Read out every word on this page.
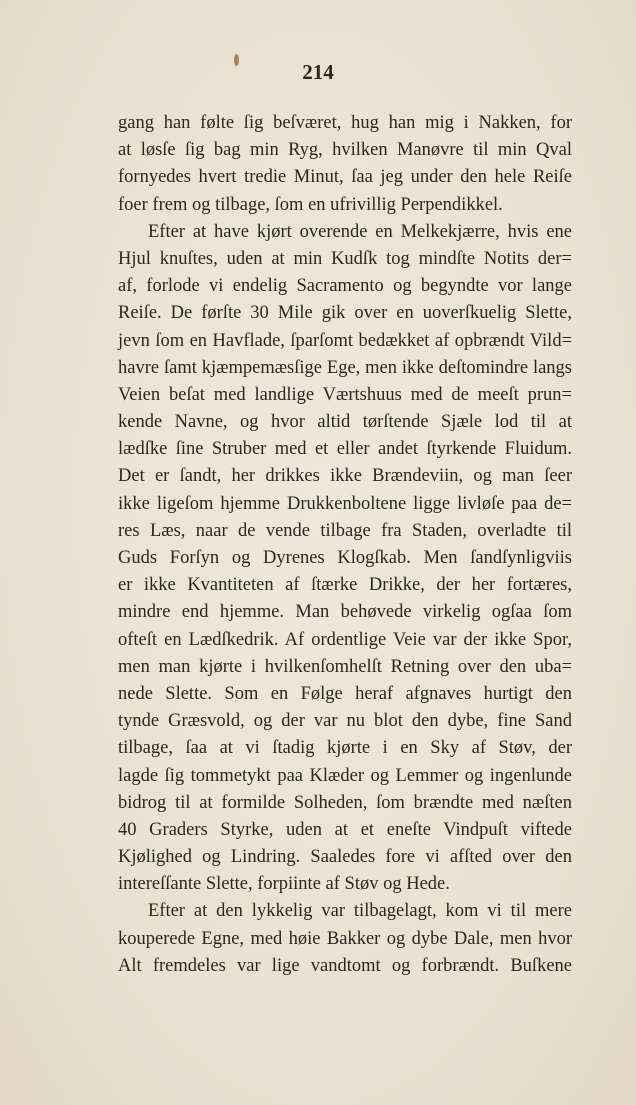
214
gang han følte ſig beſværet, hug han mig i Nakken, for
at løsſe ſig bag min Ryg, hvilken Manøvre til min Qval
fornyedes hvert tredie Minut, ſaa jeg under den hele Reiſe
foer frem og tilbage, ſom en ufrivillig Perpendikkel.
Efter at have kjørt overende en Melkekjærre, hvis ene
Hjul knuſtes, uden at min Kudſk tog mindſte Notits der=
af, forlode vi endelig Sacramento og begyndte vor lange
Reiſe. De førſte 30 Mile gik over en uoverſkuelig Slette,
jevn ſom en Havflade, ſparſomt bedækket af opbrændt Vild=
havre ſamt kjæmpemæsſige Ege, men ikke deſtomindre langs
Veien beſat med landlige Værtshuus med de meeſt prun=
kende Navne, og hvor altid tørſtende Sjæle lod til at
lædſke ſine Struber med et eller andet ſtyrkende Fluidum.
Det er ſandt, her drikkes ikke Brændeviin, og man ſeer
ikke ligeſom hjemme Drukkenboltene ligge livløſe paa de=
res Læs, naar de vende tilbage fra Staden, overladte til
Guds Forſyn og Dyrenes Klogſkab. Men ſandſynligviis
er ikke Kvantiteten af ſtærke Drikke, der her fortæres,
mindre end hjemme. Man behøvede virkelig ogſaa ſom
ofteſt en Lædſkedrik. Af ordentlige Veie var der ikke Spor,
men man kjørte i hvilkenſomhelſt Retning over den uba=
nede Slette. Som en Følge heraf afgnaves hurtigt den
tynde Græsvold, og der var nu blot den dybe, fine Sand
tilbage, ſaa at vi ſtadig kjørte i en Sky af Støv, der
lagde ſig tommetykt paa Klæder og Lemmer og ingenlunde
bidrog til at formilde Solheden, ſom brændte med næſten
40 Graders Styrke, uden at et eneſte Vindpuſt viftede
Kjølighed og Lindring. Saaledes fore vi afſted over den
intereſſante Slette, forpiinte af Støv og Hede.
Efter at den lykkelig var tilbagelagt, kom vi til mere
kouperede Egne, med høie Bakker og dybe Dale, men hvor
Alt fremdeles var lige vandtomt og forbrændt. Buſkene
